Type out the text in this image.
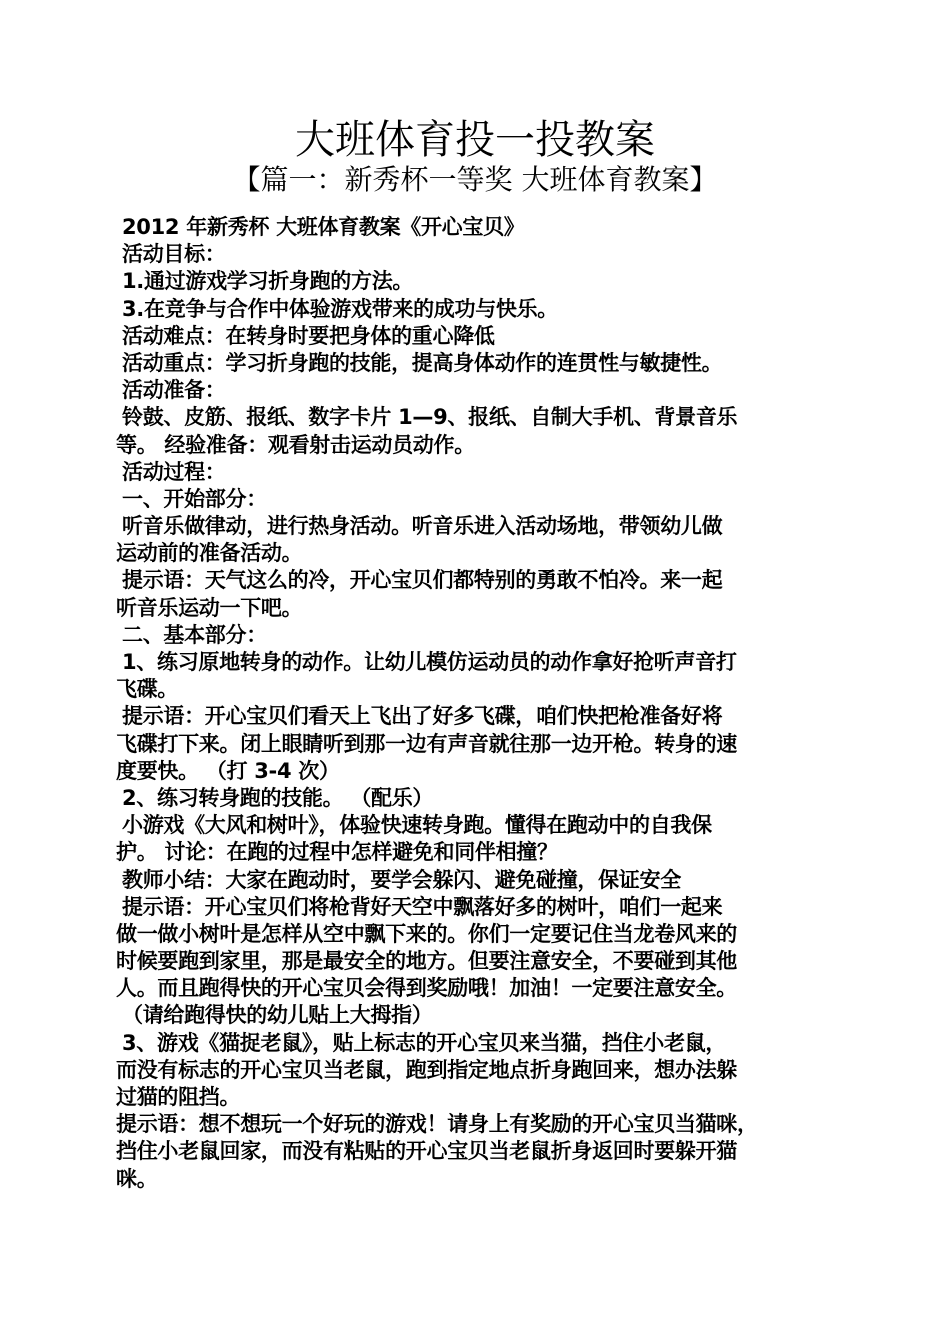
大班体育投一投教案
【篇一：新秀杯一等奖 大班体育教案】
2012 年新秀杯 大班体育教案《开心宝贝》
活动目标：
1.通过游戏学习折身跑的方法。
3.在竞争与合作中体验游戏带来的成功与快乐。
活动难点：在转身时要把身体的重心降低
活动重点：学习折身跑的技能，提高身体动作的连贯性与敏捷性。
活动准备：
铃鼓、皮筋、报纸、数字卡片 1—9、报纸、自制大手机、背景音乐
等。 经验准备：观看射击运动员动作。
活动过程：
一、开始部分：
听音乐做律动，进行热身活动。听音乐进入活动场地，带领幼儿做
运动前的准备活动。
提示语：天气这么的冷，开心宝贝们都特别的勇敢不怕冷。来一起
听音乐运动一下吧。
二、基本部分：
1、练习原地转身的动作。让幼儿模仿运动员的动作拿好抢听声音打
飞碟。
提示语：开心宝贝们看天上飞出了好多飞碟，咱们快把枪准备好将
飞碟打下来。闭上眼睛听到那一边有声音就往那一边开枪。转身的速
度要快。 （打 3-4 次）
2、练习转身跑的技能。 （配乐）
小游戏《大风和树叶》，体验快速转身跑。懂得在跑动中的自我保
护。 讨论：在跑的过程中怎样避免和同伴相撞？
教师小结：大家在跑动时，要学会躲闪、避免碰撞，保证安全
提示语：开心宝贝们将枪背好天空中飘落好多的树叶，咱们一起来
做一做小树叶是怎样从空中飘下来的。你们一定要记住当龙卷风来的
时候要跑到家里，那是最安全的地方。但要注意安全，不要碰到其他
人。而且跑得快的开心宝贝会得到奖励哦！加油！一定要注意安全。
（请给跑得快的幼儿贴上大拇指）
3、游戏《猫捉老鼠》，贴上标志的开心宝贝来当猫，挡住小老鼠，
而没有标志的开心宝贝当老鼠，跑到指定地点折身跑回来，想办法躲
过猫的阻挡。
提示语：想不想玩一个好玩的游戏！请身上有奖励的开心宝贝当猫咪，
挡住小老鼠回家，而没有粘贴的开心宝贝当老鼠折身返回时要躲开猫
咪。
